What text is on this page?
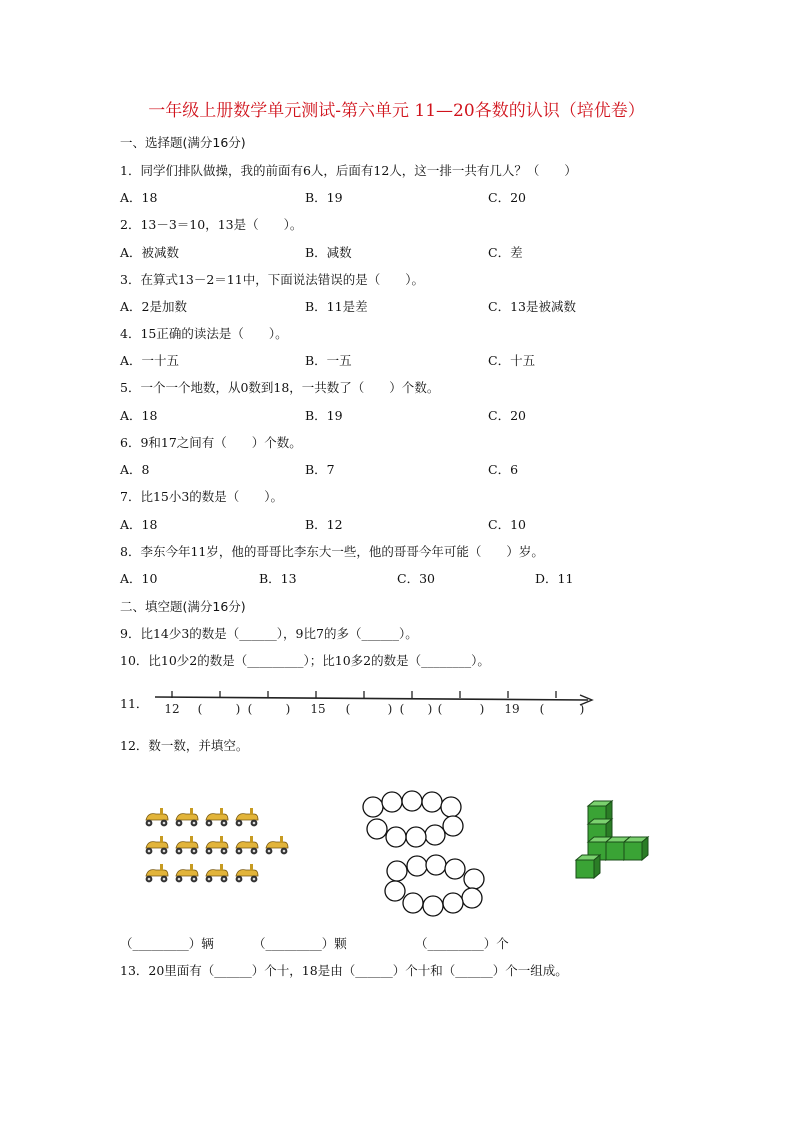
一年级上册数学单元测试-第六单元 11—20各数的认识（培优卷）
一、选择题(满分16分)
1．同学们排队做操，我的前面有6人，后面有12人，这一排一共有几人？（　　）
A．18	B．19	C．20
2．13－3＝10，13是（　　）。
A．被减数	B．减数	C．差
3．在算式13－2＝11中，下面说法错误的是（　　）。
A．2是加数	B．11是差	C．13是被减数
4．15正确的读法是（　　）。
A．一十五	B．一五	C．十五
5．一个一个地数，从0数到18，一共数了（　　）个数。
A．18	B．19	C．20
6．9和17之间有（　　）个数。
A．8	B．7	C．6
7．比15小3的数是（　　）。
A．18	B．12	C．10
8．李东今年11岁，他的哥哥比李东大一些，他的哥哥今年可能（　　）岁。
A．10	B．13	C．30	D．11
二、填空题(满分16分)
9．比14少3的数是（______），9比7的多（______）。
10．比10少2的数是（_________）；比10多2的数是（________）。
11． 12 (	) (	) 15 (	) ( ) (	) 19 (	)
12．数一数，并填空。
（_________）辆	（_________）颗	（_________）个
13．20里面有（______）个十，18是由（______）个十和（______）个一组成。
